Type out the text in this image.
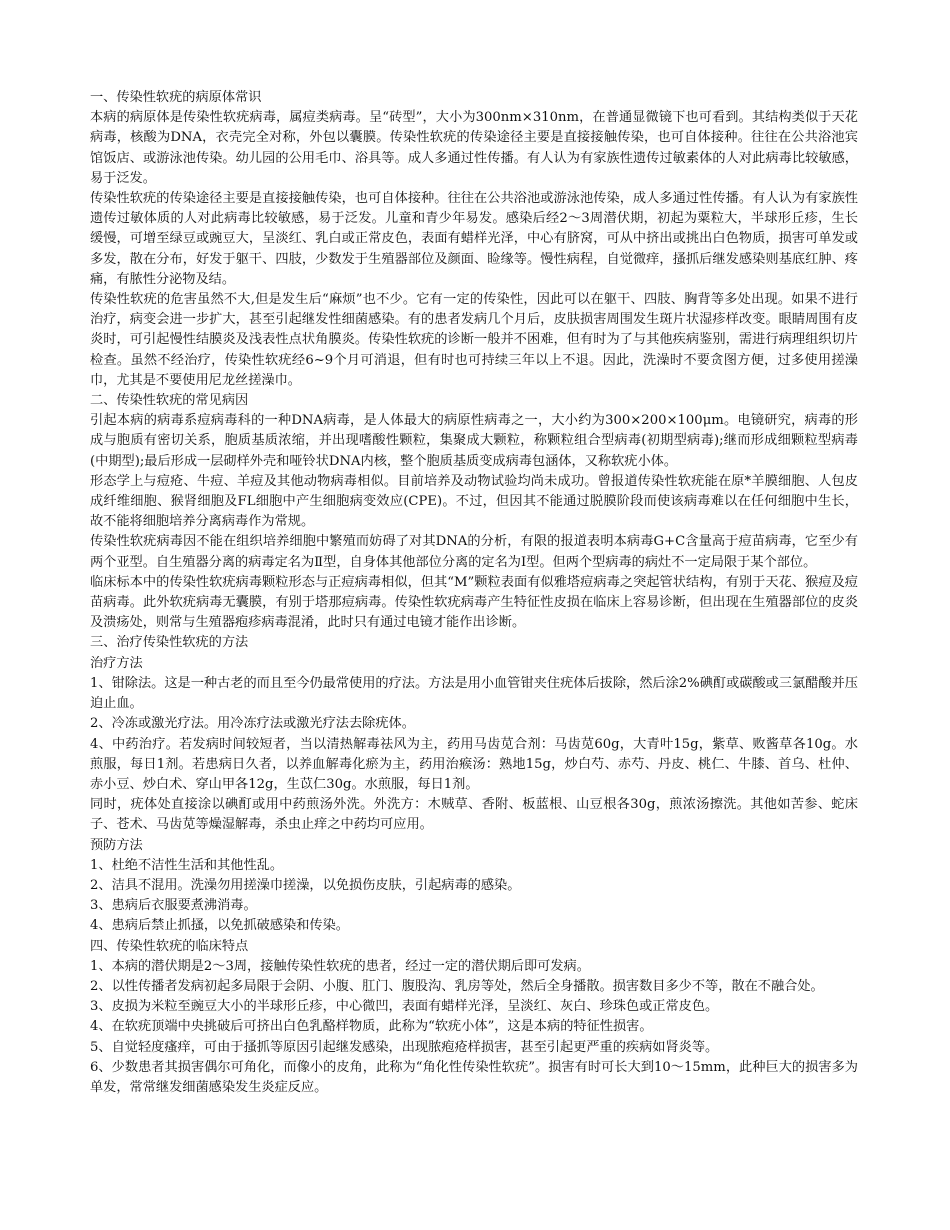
一、传染性软疣的病原体常识

本病的病原体是传染性软疣病毒，属痘类病毒。呈“砖型”，大小为300nm×310nm，在普通显微镜下也可看到。其结构类似于天花病毒，核酸为DNA，衣壳完全对称，外包以囊膜。传染性软疣的传染途径主要是直接接触传染，也可自体接种。往往在公共浴池宾馆饭店、或游泳池传染。幼儿园的公用毛巾、浴具等。成人多通过性传播。有人认为有家族性遗传过敏素体的人对此病毒比较敏感，易于泛发。

传染性软疣的传染途径主要是直接接触传染，也可自体接种。往往在公共浴池或游泳池传染，成人多通过性传播。有人认为有家族性遗传过敏体质的人对此病毒比较敏感，易于泛发。儿童和青少年易发。感染后经2～3周潜伏期，初起为粟粒大，半球形丘疹，生长缓慢，可增至绿豆或豌豆大，呈淡红、乳白或正常皮色，表面有蜡样光泽，中心有脐窝，可从中挤出或挑出白色物质，损害可单发或多发，散在分布，好发于躯干、四肢，少数发于生殖器部位及颜面、睑缘等。慢性病程，自觉微痒，搔抓后继发感染则基底红肿、疼痛，有脓性分泌物及结。

传染性软疣的危害虽然不大,但是发生后“麻烦”也不少。它有一定的传染性，因此可以在躯干、四肢、胸背等多处出现。如果不进行治疗，病变会进一步扩大，甚至引起继发性细菌感染。有的患者发病几个月后，皮肤损害周围发生斑片状湿疹样改变。眼睛周围有皮炎时，可引起慢性结膜炎及浅表性点状角膜炎。传染性软疣的诊断一般并不困难，但有时为了与其他疾病鉴别，需进行病理组织切片检查。虽然不经治疗，传染性软疣经6~9个月可消退，但有时也可持续三年以上不退。因此，洗澡时不要贪图方便，过多使用搓澡巾，尤其是不要使用尼龙丝搓澡巾。

二、传染性软疣的常见病因

引起本病的病毒系痘病毒科的一种DNA病毒，是人体最大的病原性病毒之一，大小约为300×200×100μm。电镜研究，病毒的形成与胞质有密切关系，胞质基质浓缩，并出现嗜酸性颗粒，集聚成大颗粒，称颗粒组合型病毒(初期型病毒);继而形成细颗粒型病毒(中期型);最后形成一层砌样外壳和哑铃状DNA内核，整个胞质基质变成病毒包涵体，又称软疣小体。

形态学上与痘疮、牛痘、羊痘及其他动物病毒相似。目前培养及动物试验均尚未成功。曾报道传染性软疣能在原*羊膜细胞、人包皮成纤维细胞、猴肾细胞及FL细胞中产生细胞病变效应(CPE)。不过，但因其不能通过脱膜阶段而使该病毒难以在任何细胞中生长，故不能将细胞培养分离病毒作为常规。

传染性软疣病毒因不能在组织培养细胞中繁殖而妨碍了对其DNA的分析，有限的报道表明本病毒G+C含量高于痘苗病毒，它至少有两个亚型。自生殖器分离的病毒定名为Ⅱ型，自身体其他部位分离的定名为Ⅰ型。但两个型病毒的病灶不一定局限于某个部位。

临床标本中的传染性软疣病毒颗粒形态与正痘病毒相似，但其“M”颗粒表面有似雅塔痘病毒之突起管状结构，有别于天花、猴痘及痘苗病毒。此外软疣病毒无囊膜，有别于塔那痘病毒。传染性软疣病毒产生特征性皮损在临床上容易诊断，但出现在生殖器部位的皮炎及溃疡处，则常与生殖器疱疹病毒混淆，此时只有通过电镜才能作出诊断。

三、治疗传染性软疣的方法

治疗方法

1、钳除法。这是一种古老的而且至今仍最常使用的疗法。方法是用小血管钳夹住疣体后拔除，然后涂2%碘酊或碳酸或三氯醋酸并压迫止血。

2、冷冻或激光疗法。用冷冻疗法或激光疗法去除疣体。

4、中药治疗。若发病时间较短者，当以清热解毒祛风为主，药用马齿苋合剂：马齿苋60g，大青叶15g，紫草、败酱草各10g。水煎服，每日1剂。若患病日久者，以养血解毒化瘀为主，药用治瘊汤：熟地15g，炒白芍、赤芍、丹皮、桃仁、牛膝、首乌、杜仲、赤小豆、炒白术、穿山甲各12g，生苡仁30g。水煎服，每日1剂。

同时，疣体处直接涂以碘酊或用中药煎汤外洗。外洗方：木贼草、香附、板蓝根、山豆根各30g，煎浓汤擦洗。其他如苦参、蛇床子、苍术、马齿苋等燥湿解毒，杀虫止痒之中药均可应用。

预防方法

1、杜绝不洁性生活和其他性乱。

2、洁具不混用。洗澡勿用搓澡巾搓澡，以免损伤皮肤，引起病毒的感染。

3、患病后衣服要煮沸消毒。

4、患病后禁止抓搔，以免抓破感染和传染。

四、传染性软疣的临床特点

1、本病的潜伏期是2～3周，接触传染性软疣的患者，经过一定的潜伏期后即可发病。

2、以性传播者发病初起多局限于会阴、小腹、肛门、腹股沟、乳房等处，然后全身播散。损害数目多少不等，散在不融合处。

3、皮损为米粒至豌豆大小的半球形丘疹，中心微凹，表面有蜡样光泽，呈淡红、灰白、珍珠色或正常皮色。

4、在软疣顶端中央挑破后可挤出白色乳酪样物质，此称为“软疣小体”，这是本病的特征性损害。

5、自觉轻度瘙痒，可由于搔抓等原因引起继发感染，出现脓疱疮样损害，甚至引起更严重的疾病如肾炎等。

6、少数患者其损害偶尔可角化，而像小的皮角，此称为“角化性传染性软疣”。损害有时可长大到10～15mm，此种巨大的损害多为单发，常常继发细菌感染发生炎症反应。
